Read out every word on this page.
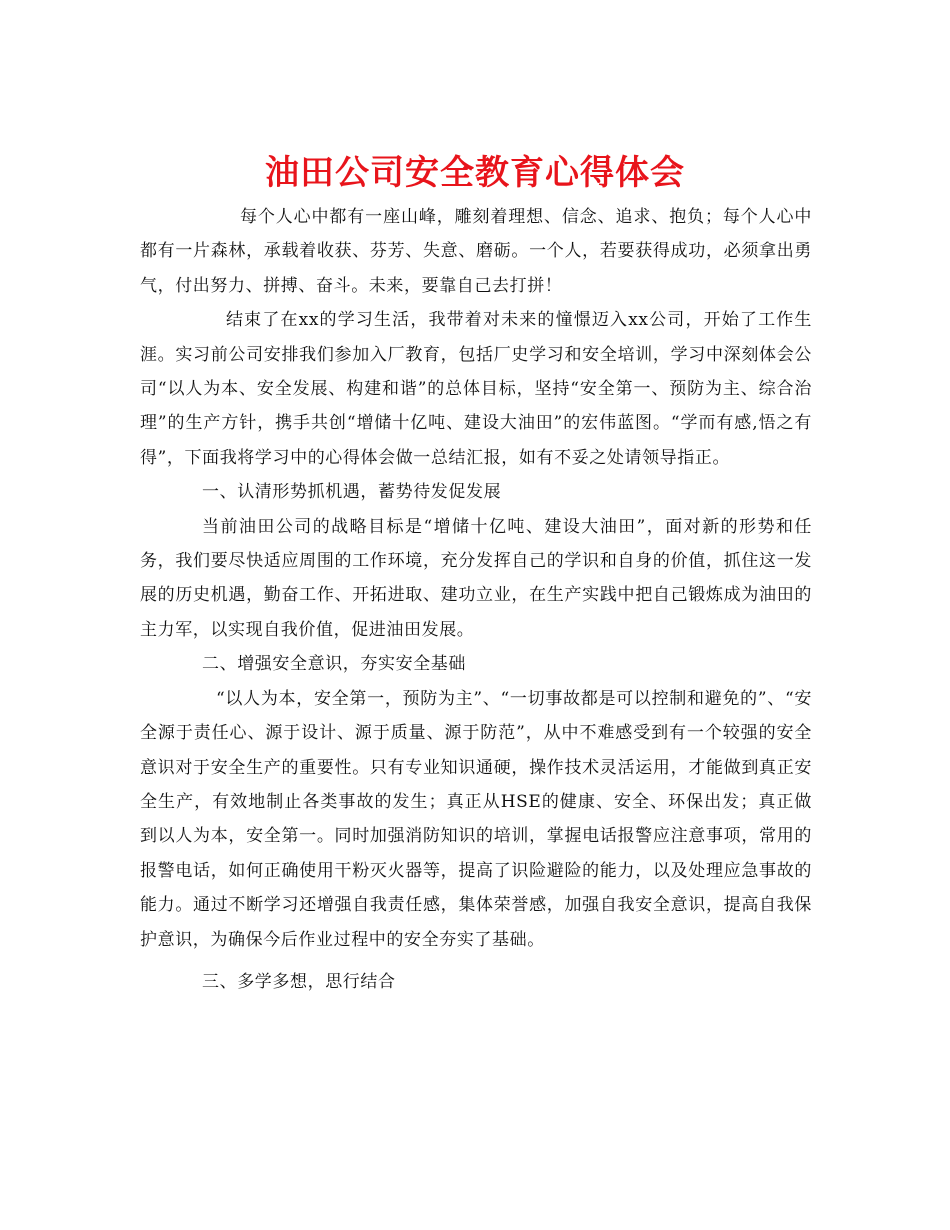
油田公司安全教育心得体会

每个人心中都有一座山峰，雕刻着理想、信念、追求、抱负；每个人心中都有一片森林，承载着收获、芬芳、失意、磨砺。一个人，若要获得成功，必须拿出勇气，付出努力、拼搏、奋斗。未来，要靠自己去打拼！

结束了在xx的学习生活，我带着对未来的憧憬迈入xx公司，开始了工作生涯。实习前公司安排我们参加入厂教育，包括厂史学习和安全培训，学习中深刻体会公司“以人为本、安全发展、构建和谐”的总体目标，坚持“安全第一、预防为主、综合治理”的生产方针，携手共创“增储十亿吨、建设大油田”的宏伟蓝图。“学而有感,悟之有得”，下面我将学习中的心得体会做一总结汇报，如有不妥之处请领导指正。

一、认清形势抓机遇，蓄势待发促发展

当前油田公司的战略目标是“增储十亿吨、建设大油田”，面对新的形势和任务，我们要尽快适应周围的工作环境，充分发挥自己的学识和自身的价值，抓住这一发展的历史机遇，勤奋工作、开拓进取、建功立业，在生产实践中把自己锻炼成为油田的主力军，以实现自我价值，促进油田发展。

二、增强安全意识，夯实安全基础

“以人为本，安全第一，预防为主”、“一切事故都是可以控制和避免的”、“安全源于责任心、源于设计、源于质量、源于防范”，从中不难感受到有一个较强的安全意识对于安全生产的重要性。只有专业知识通硬，操作技术灵活运用，才能做到真正安全生产，有效地制止各类事故的发生；真正从HSE的健康、安全、环保出发；真正做到以人为本，安全第一。同时加强消防知识的培训，掌握电话报警应注意事项，常用的报警电话，如何正确使用干粉灭火器等，提高了识险避险的能力，以及处理应急事故的能力。通过不断学习还增强自我责任感，集体荣誉感，加强自我安全意识，提高自我保护意识，为确保今后作业过程中的安全夯实了基础。

三、多学多想，思行结合
